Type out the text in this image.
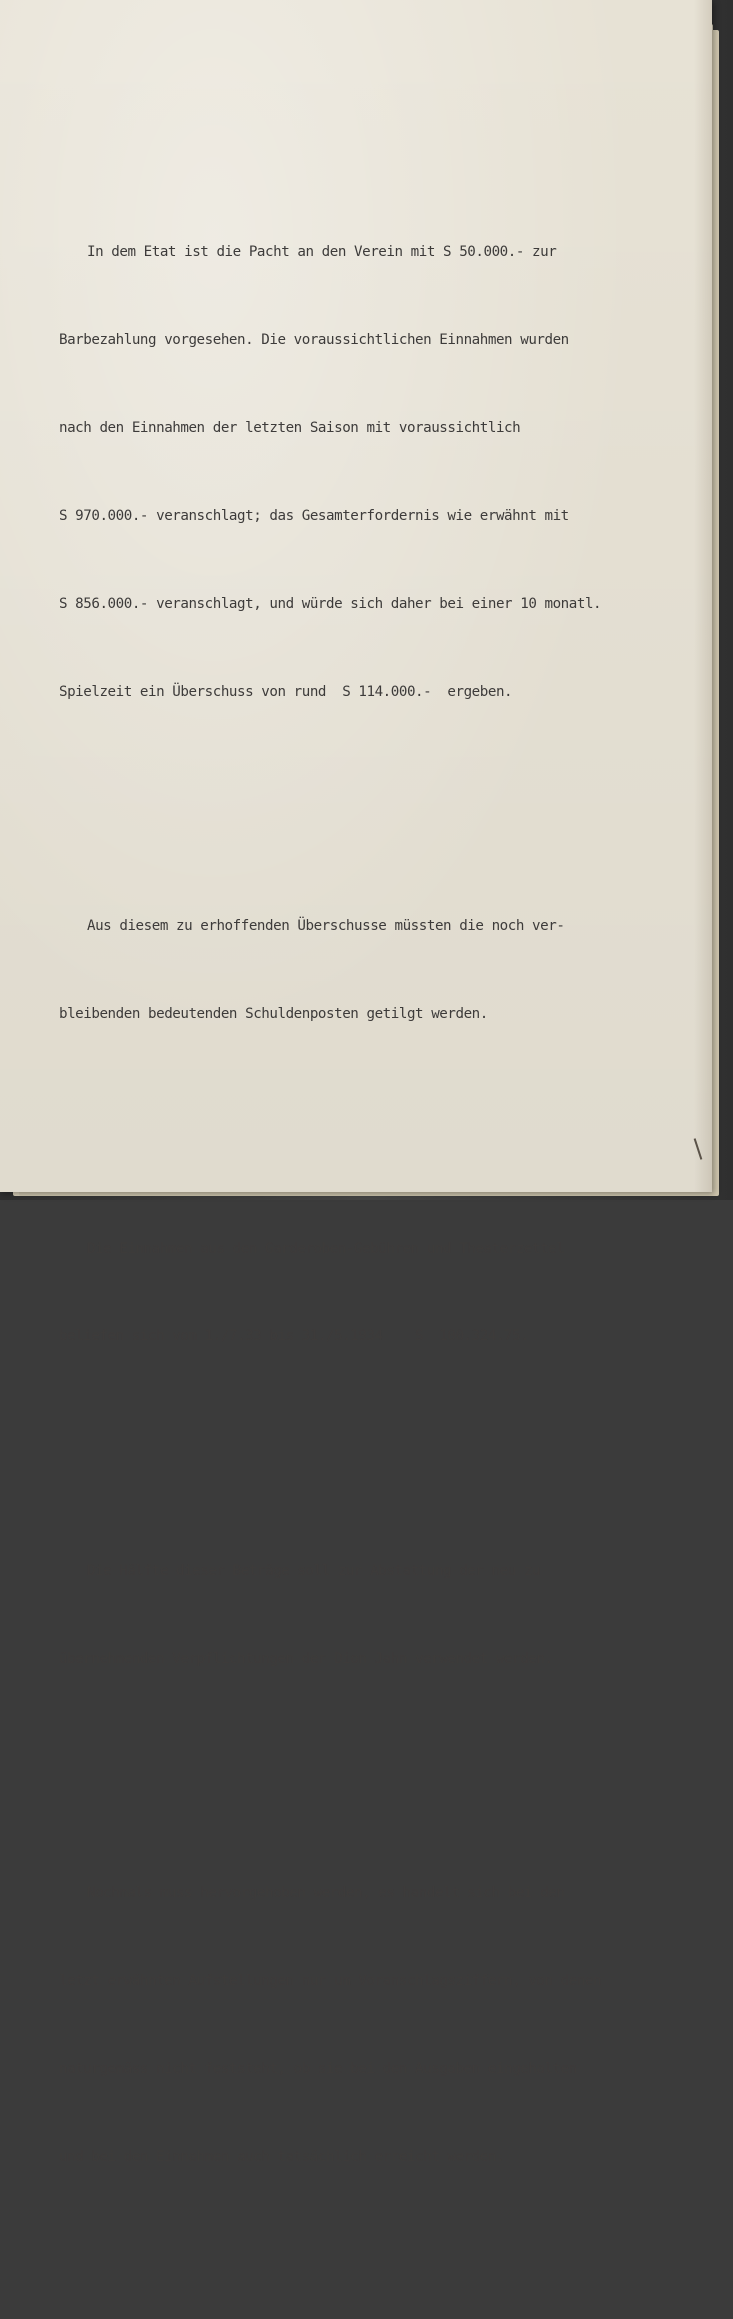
In dem Etat ist die Pacht an den Verein mit S 50.000.- zur

Barbezahlung vorgesehen. Die voraussichtlichen Einnahmen wurden

nach den Einnahmen der letzten Saison mit voraussichtlich

S 970.000.- veranschlagt; das Gesamterfordernis wie erwähnt mit

S 856.000.- veranschlagt, und würde sich daher bei einer 10 monatl.

Spielzeit ein Überschuss von rund  S 114.000.-  ergeben.

Aus diesem zu erhoffenden Überschusse müssten die noch ver-

bleibenden bedeutenden Schuldenposten getilgt werden.

Die Einnahmen aus den Garderoben-Gebühren und Theaterzettel

beliefen sich vom 1./7.33 bis 31./5.1934    S  100.324.75.

Die Hälfte dieser Beträge soll zur Abstattung der neu zu

übernehmenden Verpflichtungen der Dion Jahn verwendet werden.

Nochmals muss hervorgehoben werden, es handelt sich bei den

letzt erwähnten Aufstellungen nur um Voranschlagsziffern, von denen

naturgemäss nicht feststeht, ob sie bei den Ausgaben eingehalten

und bei den Einnahmen auch tatsächlich erreicht werden.
